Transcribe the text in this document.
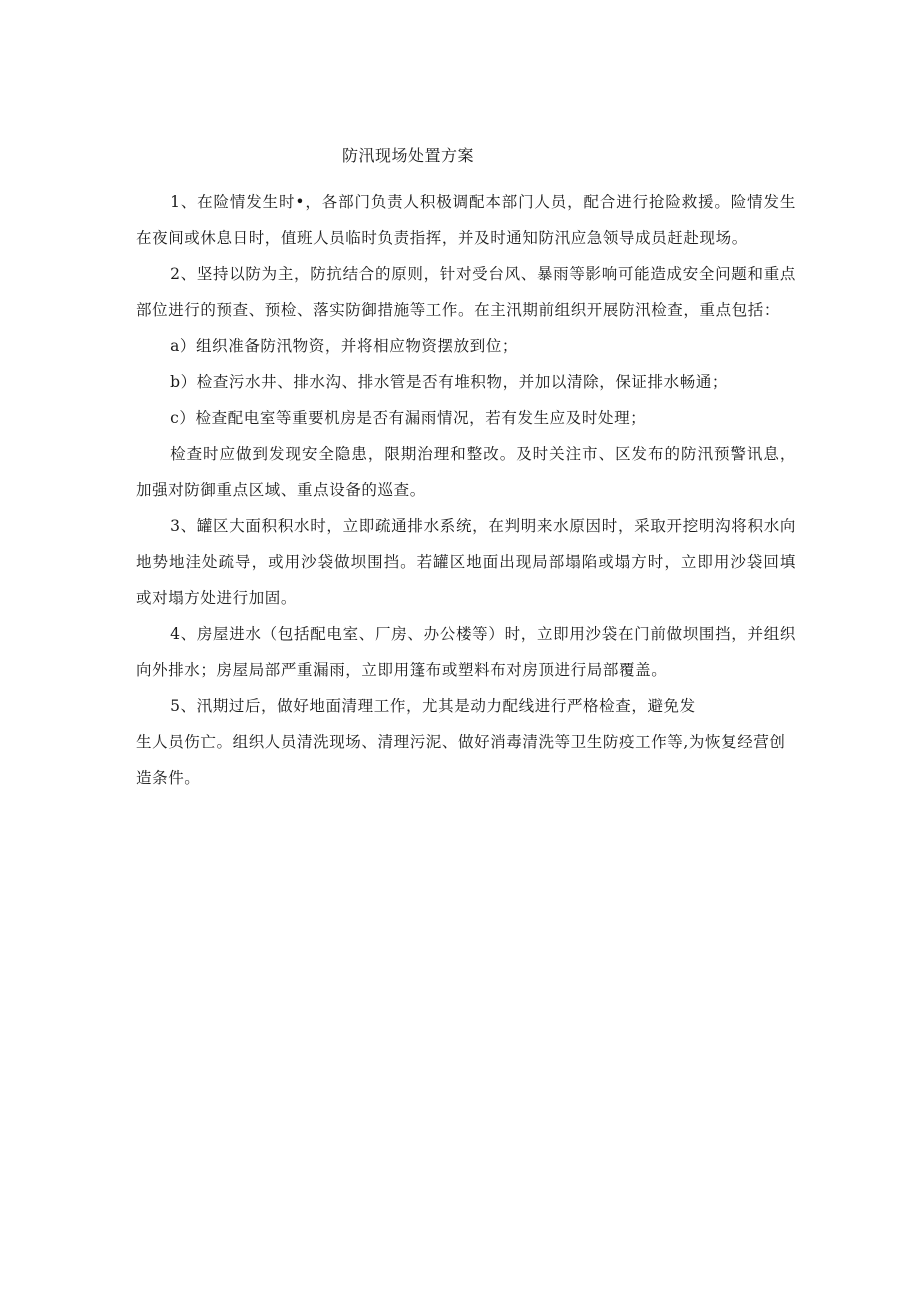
防汛现场处置方案

1、在险情发生时•，各部门负责人积极调配本部门人员，配合进行抢险救援。险情发生在夜间或休息日时，值班人员临时负责指挥，并及时通知防汛应急领导成员赶赴现场。

2、坚持以防为主，防抗结合的原则，针对受台风、暴雨等影响可能造成安全问题和重点部位进行的预查、预检、落实防御措施等工作。在主汛期前组织开展防汛检查，重点包括：

a）组织准备防汛物资，并将相应物资摆放到位；

b）检查污水井、排水沟、排水管是否有堆积物，并加以清除，保证排水畅通；

c）检查配电室等重要机房是否有漏雨情况，若有发生应及时处理；

检查时应做到发现安全隐患，限期治理和整改。及时关注市、区发布的防汛预警讯息，加强对防御重点区域、重点设备的巡查。

3、罐区大面积积水时，立即疏通排水系统，在判明来水原因时，采取开挖明沟将积水向地势地洼处疏导，或用沙袋做坝围挡。若罐区地面出现局部塌陷或塌方时，立即用沙袋回填或对塌方处进行加固。

4、房屋进水（包括配电室、厂房、办公楼等）时，立即用沙袋在门前做坝围挡，并组织向外排水；房屋局部严重漏雨，立即用篷布或塑料布对房顶进行局部覆盖。

5、汛期过后，做好地面清理工作，尤其是动力配线进行严格检查，避免发
生人员伤亡。组织人员清洗现场、清理污泥、做好消毒清洗等卫生防疫工作等,为恢复经营创造条件。
